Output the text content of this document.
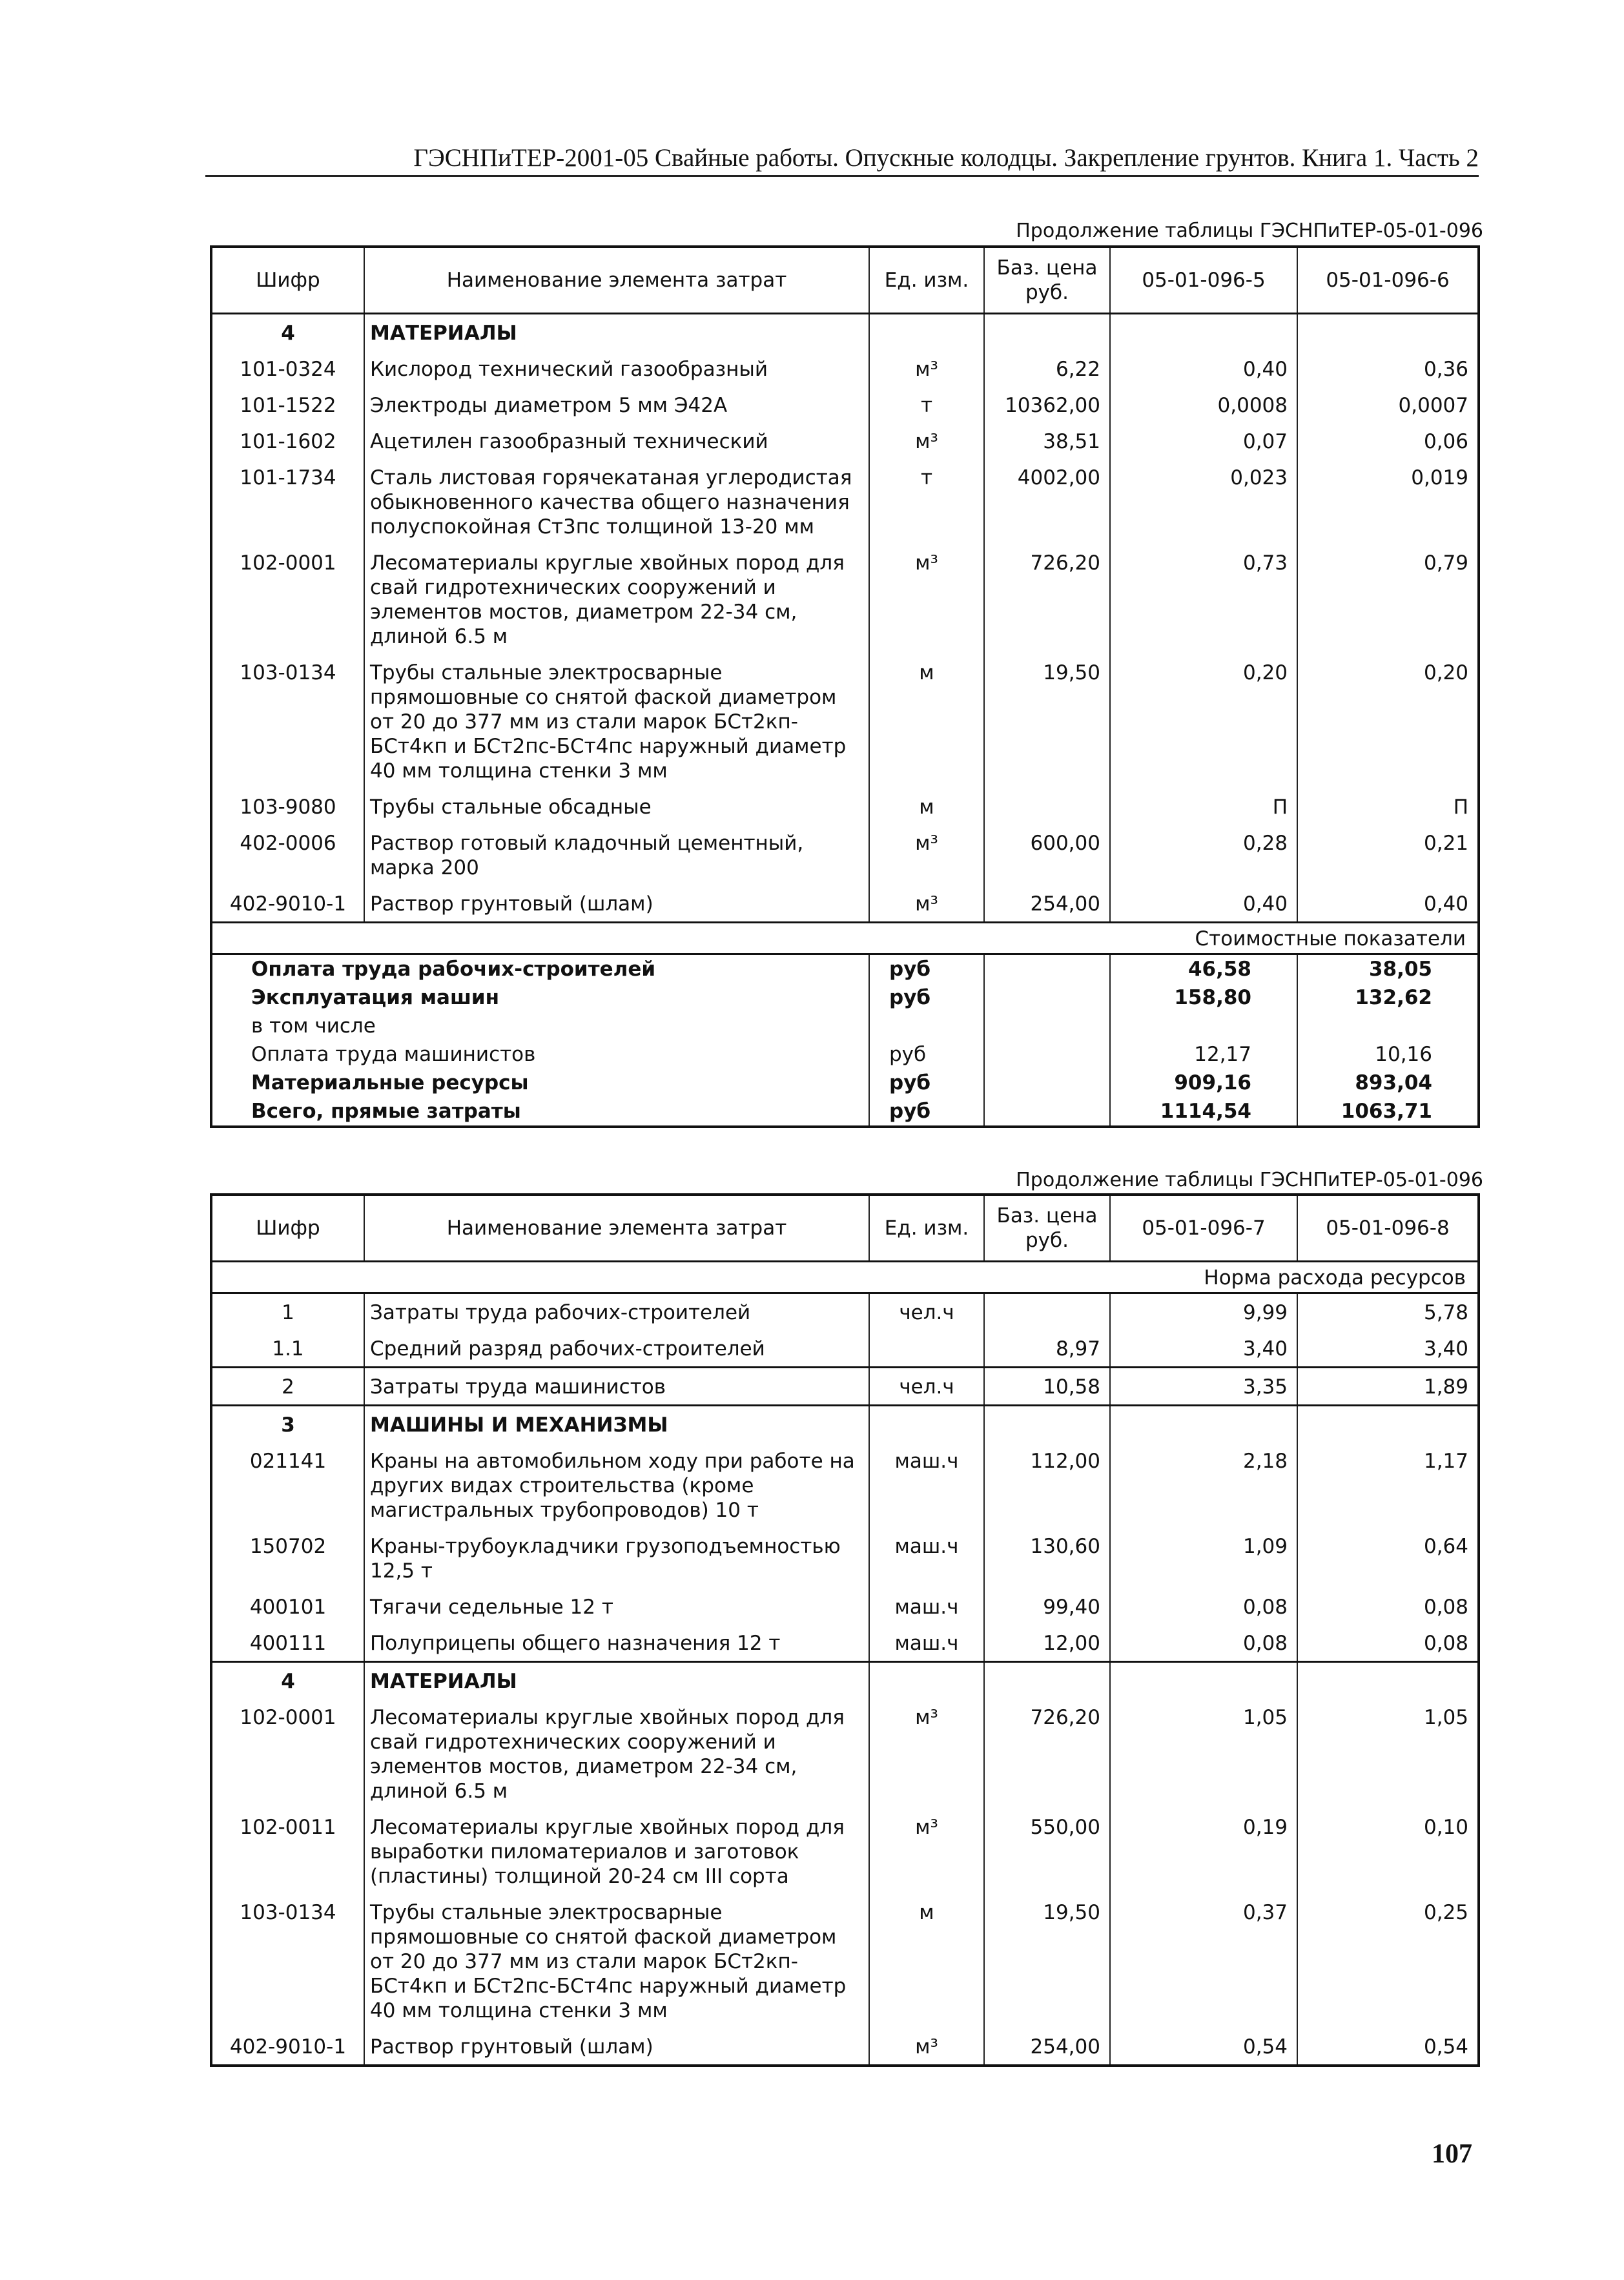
ГЭСНПиТЕР-2001-05 Свайные работы. Опускные колодцы. Закрепление грунтов. Книга 1. Часть 2
Продолжение таблицы ГЭСНПиТЕР-05-01-096
Шифр	Наименование элемента затрат	Ед. изм.	Баз. цена руб.	05-01-096-5	05-01-096-6
4	МАТЕРИАЛЫ				
101-0324	Кислород технический газообразный	м³	6,22	0,40	0,36
101-1522	Электроды диаметром 5 мм Э42А	т	10362,00	0,0008	0,0007
101-1602	Ацетилен газообразный технический	м³	38,51	0,07	0,06
101-1734	Сталь листовая горячекатаная углеродистая обыкновенного качества общего назначения полуспокойная Ст3пс толщиной 13-20 мм	т	4002,00	0,023	0,019
102-0001	Лесоматериалы круглые хвойных пород для свай гидротехнических сооружений и элементов мостов, диаметром 22-34 см, длиной 6.5 м	м³	726,20	0,73	0,79
103-0134	Трубы стальные электросварные прямошовные со снятой фаской диаметром от 20 до 377 мм из стали марок БСт2кп-БСт4кп и БСт2пс-БСт4пс наружный диаметр 40 мм толщина стенки 3 мм	м	19,50	0,20	0,20
103-9080	Трубы стальные обсадные	м		П	П
402-0006	Раствор готовый кладочный цементный, марка 200	м³	600,00	0,28	0,21
402-9010-1	Раствор грунтовый (шлам)	м³	254,00	0,40	0,40
Стоимостные показатели					
Оплата труда рабочих-строителей		руб		46,58	38,05
Эксплуатация машин		руб		158,80	132,62
в том числе					
Оплата труда машинистов		руб		12,17	10,16
Материальные ресурсы		руб		909,16	893,04
Всего, прямые затраты		руб		1114,54	1063,71
Продолжение таблицы ГЭСНПиТЕР-05-01-096
Шифр	Наименование элемента затрат	Ед. изм.	Баз. цена руб.	05-01-096-7	05-01-096-8
Норма расхода ресурсов					
1	Затраты труда рабочих-строителей	чел.ч		9,99	5,78
1.1	Средний разряд рабочих-строителей		8,97	3,40	3,40
2	Затраты труда машинистов	чел.ч	10,58	3,35	1,89
3	МАШИНЫ И МЕХАНИЗМЫ				
021141	Краны на автомобильном ходу при работе на других видах строительства (кроме магистральных трубопроводов) 10 т	маш.ч	112,00	2,18	1,17
150702	Краны-трубоукладчики грузоподъемностью 12,5 т	маш.ч	130,60	1,09	0,64
400101	Тягачи седельные 12 т	маш.ч	99,40	0,08	0,08
400111	Полуприцепы общего назначения 12 т	маш.ч	12,00	0,08	0,08
4	МАТЕРИАЛЫ				
102-0001	Лесоматериалы круглые хвойных пород для свай гидротехнических сооружений и элементов мостов, диаметром 22-34 см, длиной 6.5 м	м³	726,20	1,05	1,05
102-0011	Лесоматериалы круглые хвойных пород для выработки пиломатериалов и заготовок (пластины) толщиной 20-24 см III сорта	м³	550,00	0,19	0,10
103-0134	Трубы стальные электросварные прямошовные со снятой фаской диаметром от 20 до 377 мм из стали марок БСт2кп-БСт4кп и БСт2пс-БСт4пс наружный диаметр 40 мм толщина стенки 3 мм	м	19,50	0,37	0,25
402-9010-1	Раствор грунтовый (шлам)	м³	254,00	0,54	0,54
107
